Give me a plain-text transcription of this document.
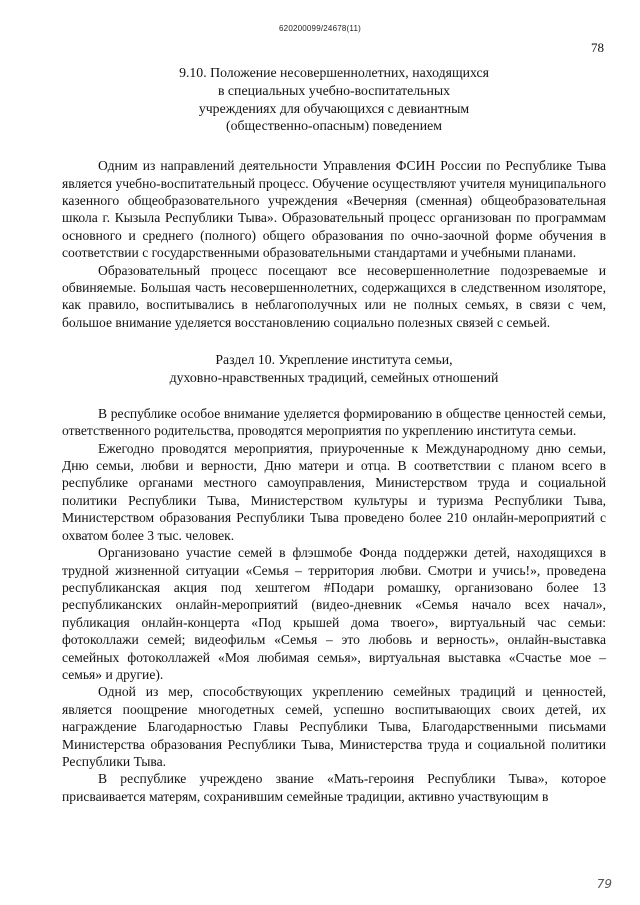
620200099/24678(11)
78
9.10. Положение несовершеннолетних, находящихся
в специальных учебно-воспитательных
учреждениях для обучающихся с девиантным
(общественно-опасным) поведением

Одним из направлений деятельности Управления ФСИН России по Республике Тыва является учебно-воспитательный процесс. Обучение осуществляют учителя муниципального казенного общеобразовательного учреждения «Вечерняя (сменная) общеобразовательная школа г. Кызыла Республики Тыва». Образовательный процесс организован по программам основного и среднего (полного) общего образования по очно-заочной форме обучения в соответствии с государственными образовательными стандартами и учебными планами.

Образовательный процесс посещают все несовершеннолетние подозреваемые и обвиняемые. Большая часть несовершеннолетних, содержащихся в следственном изоляторе, как правило, воспитывались в неблагополучных или не полных семьях, в связи с чем, большое внимание уделяется восстановлению социально полезных связей с семьей.

Раздел 10. Укрепление института семьи,
духовно-нравственных традиций, семейных отношений

В республике особое внимание уделяется формированию в обществе ценностей семьи, ответственного родительства, проводятся мероприятия по укреплению института семьи.

Ежегодно проводятся мероприятия, приуроченные к Международному дню семьи, Дню семьи, любви и верности, Дню матери и отца. В соответствии с планом всего в республике органами местного самоуправления, Министерством труда и социальной политики Республики Тыва, Министерством культуры и туризма Республики Тыва, Министерством образования Республики Тыва проведено более 210 онлайн-мероприятий с охватом более 3 тыс. человек.

Организовано участие семей в флэшмобе Фонда поддержки детей, находящихся в трудной жизненной ситуации «Семья – территория любви. Смотри и учись!», проведена республиканская акция под хештегом #Подари ромашку, организовано более 13 республиканских онлайн-мероприятий (видео-дневник «Семья начало всех начал», публикация онлайн-концерта «Под крышей дома твоего», виртуальный час семьи: фотоколлажи семей; видеофильм «Семья – это любовь и верность», онлайн-выставка семейных фотоколлажей «Моя любимая семья», виртуальная выставка «Счастье мое – семья» и другие).

Одной из мер, способствующих укреплению семейных традиций и ценностей, является поощрение многодетных семей, успешно воспитывающих своих детей, их награждение Благодарностью Главы Республики Тыва, Благодарственными письмами Министерства образования Республики Тыва, Министерства труда и социальной политики Республики Тыва.

В республике учреждено звание «Мать-героиня Республики Тыва», которое присваивается матерям, сохранившим семейные традиции, активно участвующим в

79
